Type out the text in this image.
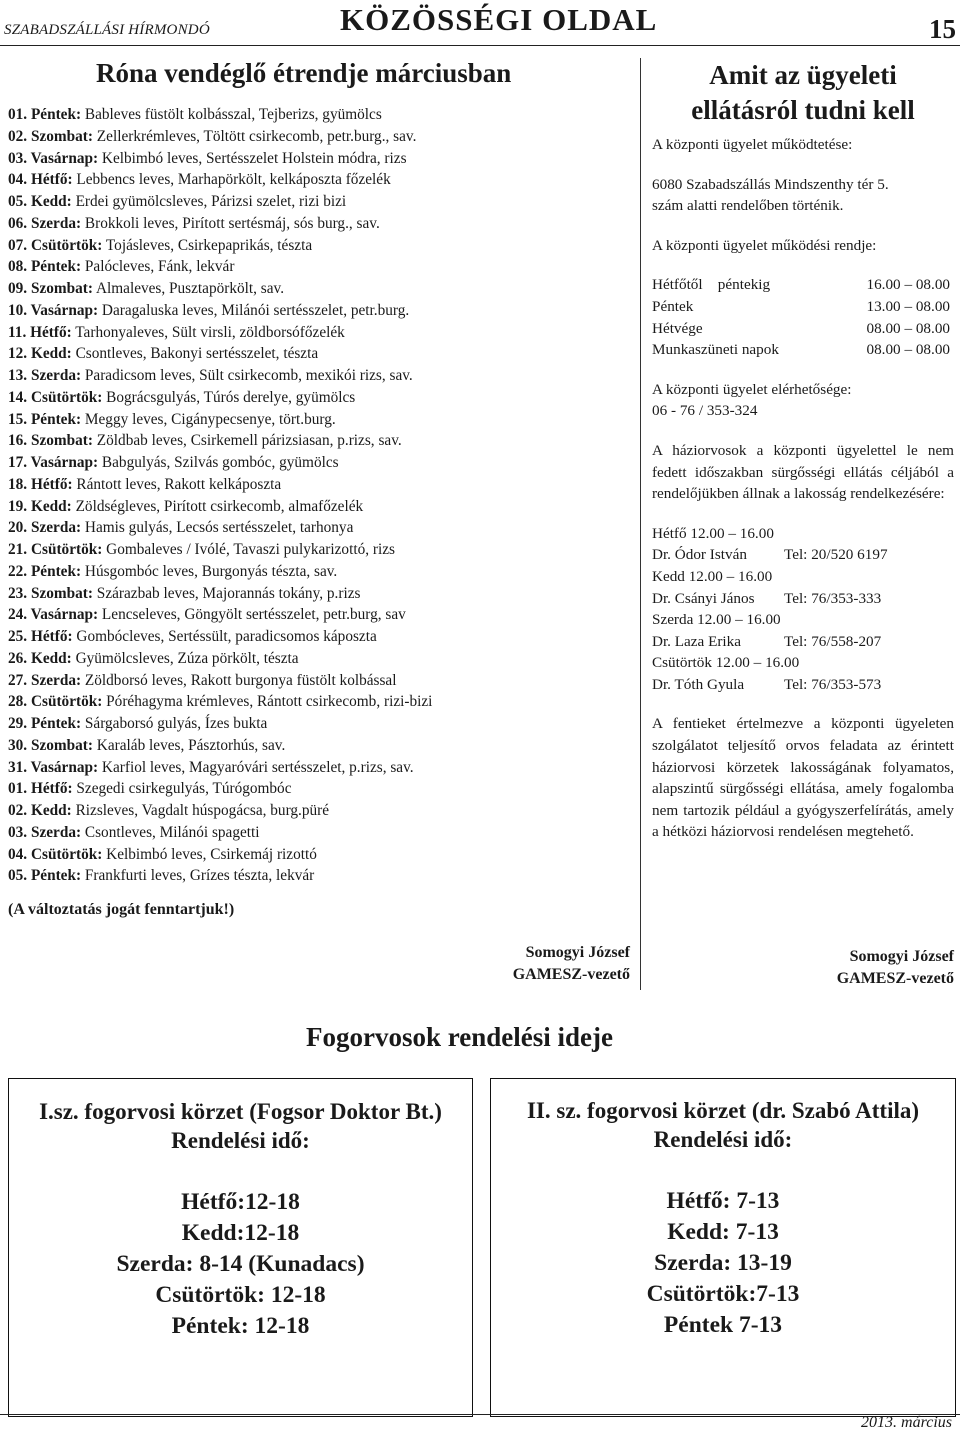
SZABADSZÁLLÁSI HÍRMONDÓ	KÖZÖSSÉGI OLDAL	15
Róna vendéglő étrendje márciusban
01. Péntek: Bableves füstölt kolbásszal, Tejberizs, gyümölcs
02. Szombat: Zellerkrémleves, Töltött csirkecomb, petr.burg., sav.
03. Vasárnap: Kelbimbó leves, Sertésszelet Holstein módra, rizs
04. Hétfő: Lebbencs leves, Marhapörkölt, kelkáposzta főzelék
05. Kedd: Erdei gyümölcsleves, Párizsi szelet, rizi bizi
06. Szerda: Brokkoli leves, Pirított sertésmáj, sós burg., sav.
07. Csütörtök: Tojásleves, Csirkepaprikás, tészta
08. Péntek: Palócleves, Fánk, lekvár
09. Szombat: Almaleves, Pusztapörkölt, sav.
10. Vasárnap: Daragaluska leves, Milánói sertésszelet, petr.burg.
11. Hétfő: Tarhonyaleves, Sült virsli, zöldborsófőzelék
12. Kedd: Csontleves, Bakonyi sertésszelet, tészta
13. Szerda: Paradicsom leves, Sült csirkecomb, mexikói rizs, sav.
14. Csütörtök: Bográcsgulyás, Túrós derelye, gyümölcs
15. Péntek: Meggy leves, Cigánypecsenye, tört.burg.
16. Szombat: Zöldbab leves, Csirkemell párizsiasan, p.rizs, sav.
17. Vasárnap: Babgulyás, Szilvás gombóc, gyümölcs
18. Hétfő: Rántott leves, Rakott kelkáposzta
19. Kedd: Zöldségleves, Pirított csirkecomb, almafőzelék
20. Szerda: Hamis gulyás, Lecsós sertésszelet, tarhonya
21. Csütörtök: Gombaleves / Ivólé, Tavaszi pulykarizottó, rizs
22. Péntek: Húsgombóc leves, Burgonyás tészta, sav.
23. Szombat: Szárazbab leves, Majorannás tokány, p.rizs
24. Vasárnap: Lencseleves, Göngyölt sertésszelet, petr.burg, sav
25. Hétfő: Gombócleves, Sertéssült, paradicsomos káposzta
26. Kedd: Gyümölcsleves, Zúza pörkölt, tészta
27. Szerda: Zöldborsó leves, Rakott burgonya füstölt kolbással
28. Csütörtök: Póréhagyma krémleves, Rántott csirkecomb, rizi-bizi
29. Péntek: Sárgaborsó gulyás, Ízes bukta
30. Szombat: Karaláb leves, Pásztorhús, sav.
31. Vasárnap: Karfiol leves, Magyaróvári sertésszelet, p.rizs, sav.
01. Hétfő: Szegedi csirkegulyás, Túrógombóc
02. Kedd: Rizsleves, Vagdalt húspogácsa, burg.püré
03. Szerda: Csontleves, Milánói spagetti
04. Csütörtök: Kelbimbó leves, Csirkemáj rizottó
05. Péntek: Frankfurti leves, Grízes tészta, lekvár
(A változtatás jogát fenntartjuk!)
Somogyi József
GAMESZ-vezető
Amit az ügyeleti
ellátásról tudni kell

A központi ügyelet működtetése:

6080 Szabadszállás Mindszenthy tér 5.

szám alatti rendelőben történik.

A központi ügyelet működési rendje:

Hétfőtől    péntekig	16.00 – 08.00
Péntek	13.00 – 08.00
Hétvége	08.00 – 08.00
Munkaszüneti napok	08.00 – 08.00

A központi ügyelet elérhetősége:

06 - 76 / 353-324

A háziorvosok a központi ügyelettel le nem fedett időszakban sürgősségi ellátás céljából a rendelőjükben állnak a lakosság rendelkezésére:

Hétfő 12.00 – 16.00
Dr. Ódor István	Tel: 20/520 6197
Kedd 12.00 – 16.00
Dr. Csányi János	Tel: 76/353-333
Szerda 12.00 – 16.00
Dr. Laza Erika	Tel: 76/558-207
Csütörtök 12.00 – 16.00
Dr. Tóth Gyula	Tel: 76/353-573

A fentieket értelmezve a központi ügyeleten szolgálatot teljesítő orvos feladata az érintett háziorvosi körzetek lakosságának folyamatos, alapszintű sürgősségi ellátása, amely fogalomba nem tartozik például a gyógyszerfelírátás, amely a hétközi háziorvosi rendelésen megtehető.

Somogyi József
GAMESZ-vezető
Fogorvosok rendelési ideje
I.sz. fogorvosi körzet (Fogsor Doktor Bt.)
Rendelési idő:
Hétfő:12-18
Kedd:12-18
Szerda: 8-14 (Kunadacs)
Csütörtök: 12-18
Péntek: 12-18
II. sz. fogorvosi körzet (dr. Szabó Attila)
Rendelési idő:
Hétfő: 7-13
Kedd: 7-13
Szerda: 13-19
Csütörtök:7-13
Péntek 7-13
2013. március
